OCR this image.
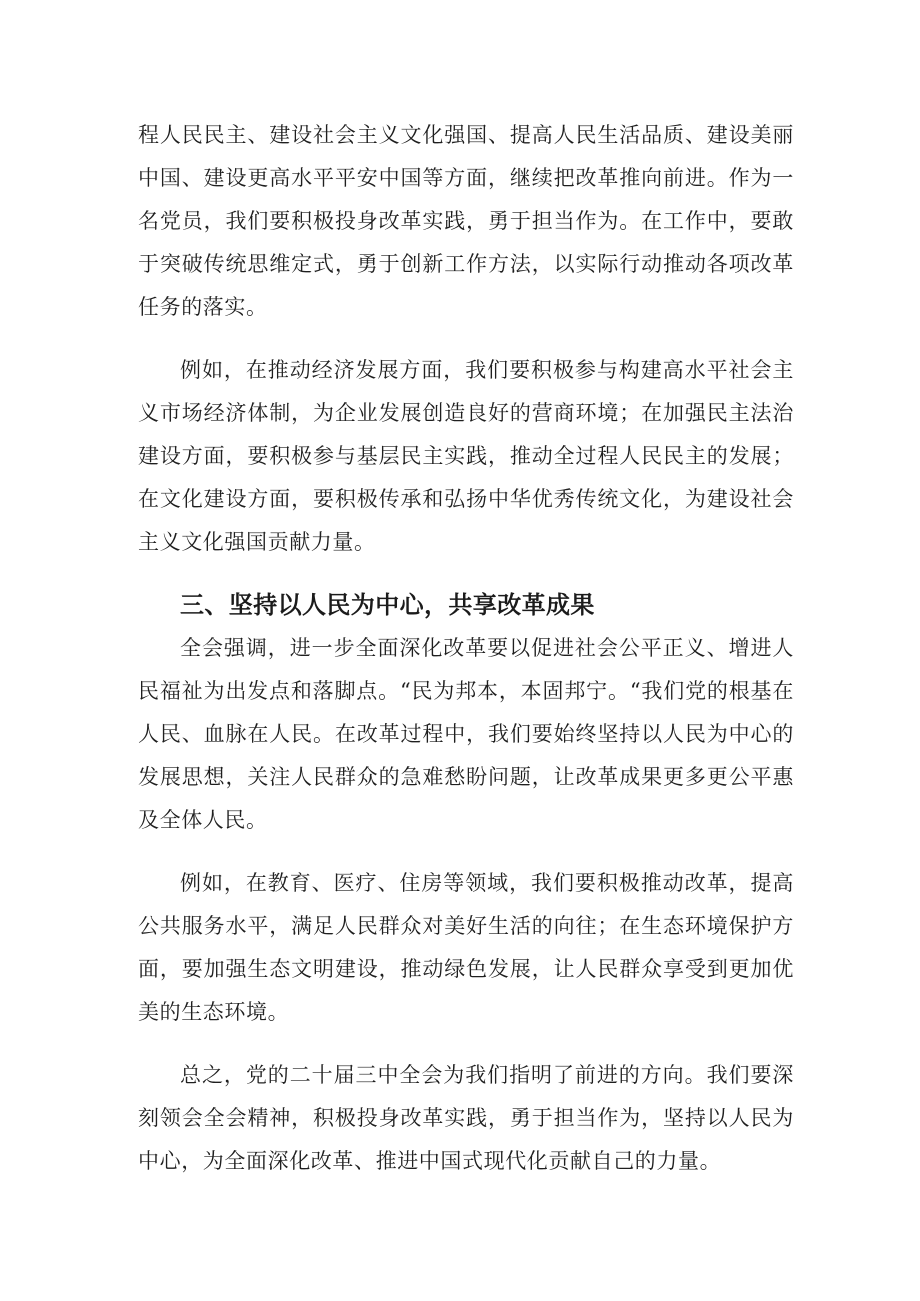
程人民民主、建设社会主义文化强国、提高人民生活品质、建设美丽中国、建设更高水平平安中国等方面，继续把改革推向前进。作为一名党员，我们要积极投身改革实践，勇于担当作为。在工作中，要敢于突破传统思维定式，勇于创新工作方法，以实际行动推动各项改革任务的落实。

例如，在推动经济发展方面，我们要积极参与构建高水平社会主义市场经济体制，为企业发展创造良好的营商环境；在加强民主法治建设方面，要积极参与基层民主实践，推动全过程人民民主的发展；在文化建设方面，要积极传承和弘扬中华优秀传统文化，为建设社会主义文化强国贡献力量。

三、坚持以人民为中心，共享改革成果

全会强调，进一步全面深化改革要以促进社会公平正义、增进人民福祉为出发点和落脚点。“民为邦本，本固邦宁。“我们党的根基在人民、血脉在人民。在改革过程中，我们要始终坚持以人民为中心的发展思想，关注人民群众的急难愁盼问题，让改革成果更多更公平惠及全体人民。

例如，在教育、医疗、住房等领域，我们要积极推动改革，提高公共服务水平，满足人民群众对美好生活的向往；在生态环境保护方面，要加强生态文明建设，推动绿色发展，让人民群众享受到更加优美的生态环境。

总之，党的二十届三中全会为我们指明了前进的方向。我们要深刻领会全会精神，积极投身改革实践，勇于担当作为，坚持以人民为中心，为全面深化改革、推进中国式现代化贡献自己的力量。
